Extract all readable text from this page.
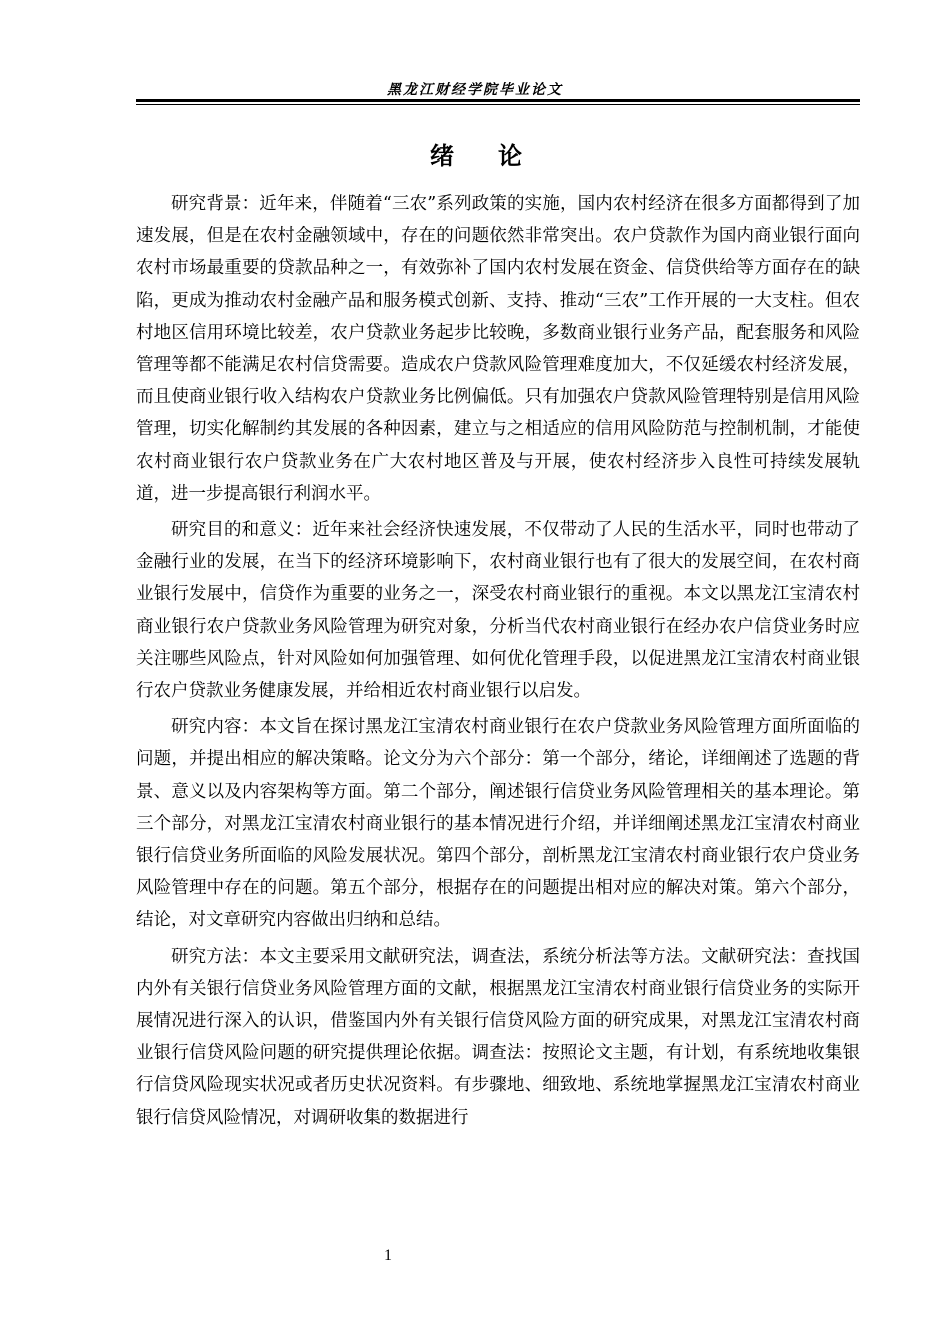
黑龙江财经学院毕业论文
绪论

研究背景：近年来，伴随着“三农”系列政策的实施，国内农村经济在很多方面都得到了加速发展，但是在农村金融领域中，存在的问题依然非常突出。农户贷款作为国内商业银行面向农村市场最重要的贷款品种之一，有效弥补了国内农村发展在资金、信贷供给等方面存在的缺陷，更成为推动农村金融产品和服务模式创新、支持、推动“三农”工作开展的一大支柱。但农村地区信用环境比较差，农户贷款业务起步比较晚，多数商业银行业务产品，配套服务和风险管理等都不能满足农村信贷需要。造成农户贷款风险管理难度加大，不仅延缓农村经济发展，而且使商业银行收入结构农户贷款业务比例偏低。只有加强农户贷款风险管理特别是信用风险管理，切实化解制约其发展的各种因素，建立与之相适应的信用风险防范与控制机制，才能使农村商业银行农户贷款业务在广大农村地区普及与开展，使农村经济步入良性可持续发展轨道，进一步提高银行利润水平。

研究目的和意义：近年来社会经济快速发展，不仅带动了人民的生活水平，同时也带动了金融行业的发展，在当下的经济环境影响下，农村商业银行也有了很大的发展空间，在农村商业银行发展中，信贷作为重要的业务之一，深受农村商业银行的重视。本文以黑龙江宝清农村商业银行农户贷款业务风险管理为研究对象，分析当代农村商业银行在经办农户信贷业务时应关注哪些风险点，针对风险如何加强管理、如何优化管理手段，以促进黑龙江宝清农村商业银行农户贷款业务健康发展，并给相近农村商业银行以启发。

研究内容：本文旨在探讨黑龙江宝清农村商业银行在农户贷款业务风险管理方面所面临的问题，并提出相应的解决策略。论文分为六个部分：第一个部分，绪论，详细阐述了选题的背景、意义以及内容架构等方面。第二个部分，阐述银行信贷业务风险管理相关的基本理论。第三个部分，对黑龙江宝清农村商业银行的基本情况进行介绍，并详细阐述黑龙江宝清农村商业银行信贷业务所面临的风险发展状况。第四个部分，剖析黑龙江宝清农村商业银行农户贷业务风险管理中存在的问题。第五个部分，根据存在的问题提出相对应的解决对策。第六个部分，结论，对文章研究内容做出归纳和总结。

研究方法：本文主要采用文献研究法，调查法，系统分析法等方法。文献研究法：查找国内外有关银行信贷业务风险管理方面的文献，根据黑龙江宝清农村商业银行信贷业务的实际开展情况进行深入的认识，借鉴国内外有关银行信贷风险方面的研究成果，对黑龙江宝清农村商业银行信贷风险问题的研究提供理论依据。调查法：按照论文主题，有计划，有系统地收集银行信贷风险现实状况或者历史状况资料。有步骤地、细致地、系统地掌握黑龙江宝清农村商业银行信贷风险情况，对调研收集的数据进行

1
